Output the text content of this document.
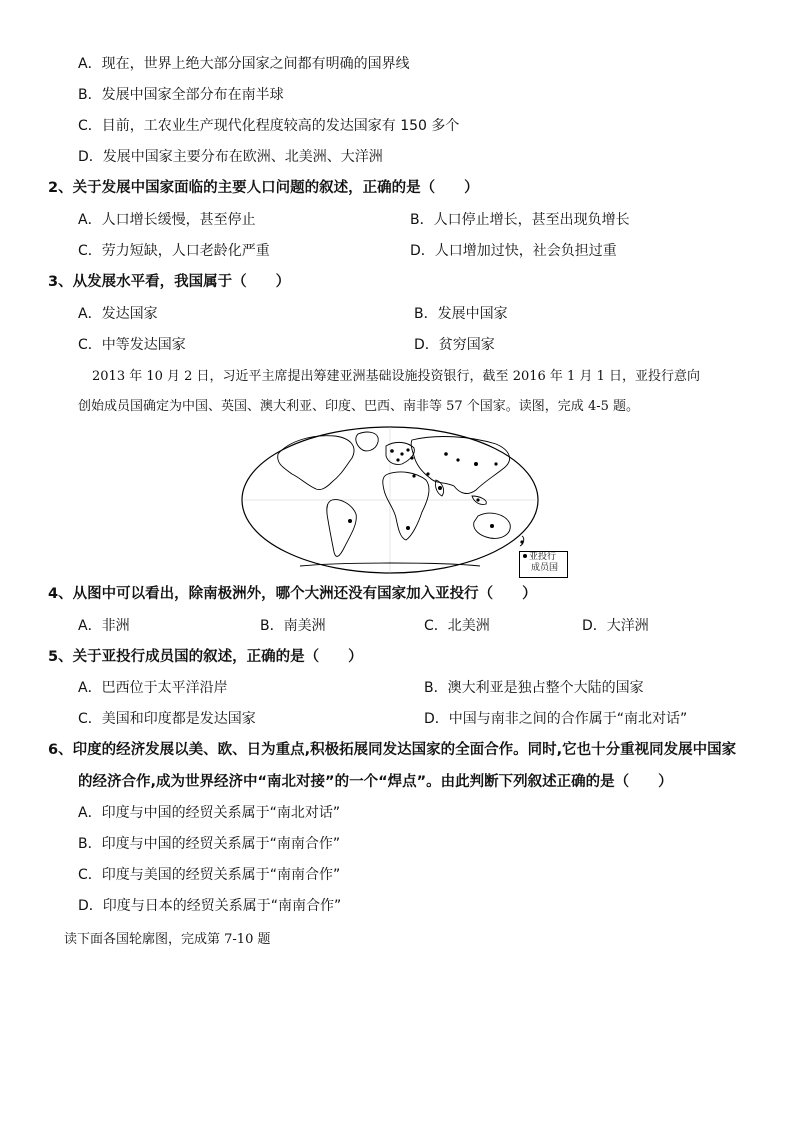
A．现在，世界上绝大部分国家之间都有明确的国界线
B．发展中国家全部分布在南半球
C．目前，工农业生产现代化程度较高的发达国家有 150 多个
D．发展中国家主要分布在欧洲、北美洲、大洋洲
2、关于发展中国家面临的主要人口问题的叙述，正确的是（　　）
A．人口增长缓慢，甚至停止	B．人口停止增长，甚至出现负增长
C．劳力短缺，人口老龄化严重	D．人口增加过快，社会负担过重
3、从发展水平看，我国属于（　　）
A．发达国家	B．发展中国家
C．中等发达国家	D．贫穷国家
2013 年 10 月 2 日，习近平主席提出筹建亚洲基础设施投资银行，截至 2016 年 1 月 1 日，亚投行意向
创始成员国确定为中国、英国、澳大利亚、印度、巴西、南非等 57 个国家。读图，完成 4-5 题。
亚投行
成员国
4、从图中可以看出，除南极洲外，哪个大洲还没有国家加入亚投行（　　）
A．非洲	B．南美洲	C．北美洲	D．大洋洲
5、关于亚投行成员国的叙述，正确的是（　　）
A．巴西位于太平洋沿岸	B．澳大利亚是独占整个大陆的国家
C．美国和印度都是发达国家	D．中国与南非之间的合作属于“南北对话”
6、印度的经济发展以美、欧、日为重点,积极拓展同发达国家的全面合作。同时,它也十分重视同发展中国家
的经济合作,成为世界经济中“南北对接”的一个“焊点”。由此判断下列叙述正确的是（　　）
A．印度与中国的经贸关系属于“南北对话”
B．印度与中国的经贸关系属于“南南合作”
C．印度与美国的经贸关系属于“南南合作”
D．印度与日本的经贸关系属于“南南合作”
读下面各国轮廓图，完成第 7-10 题
